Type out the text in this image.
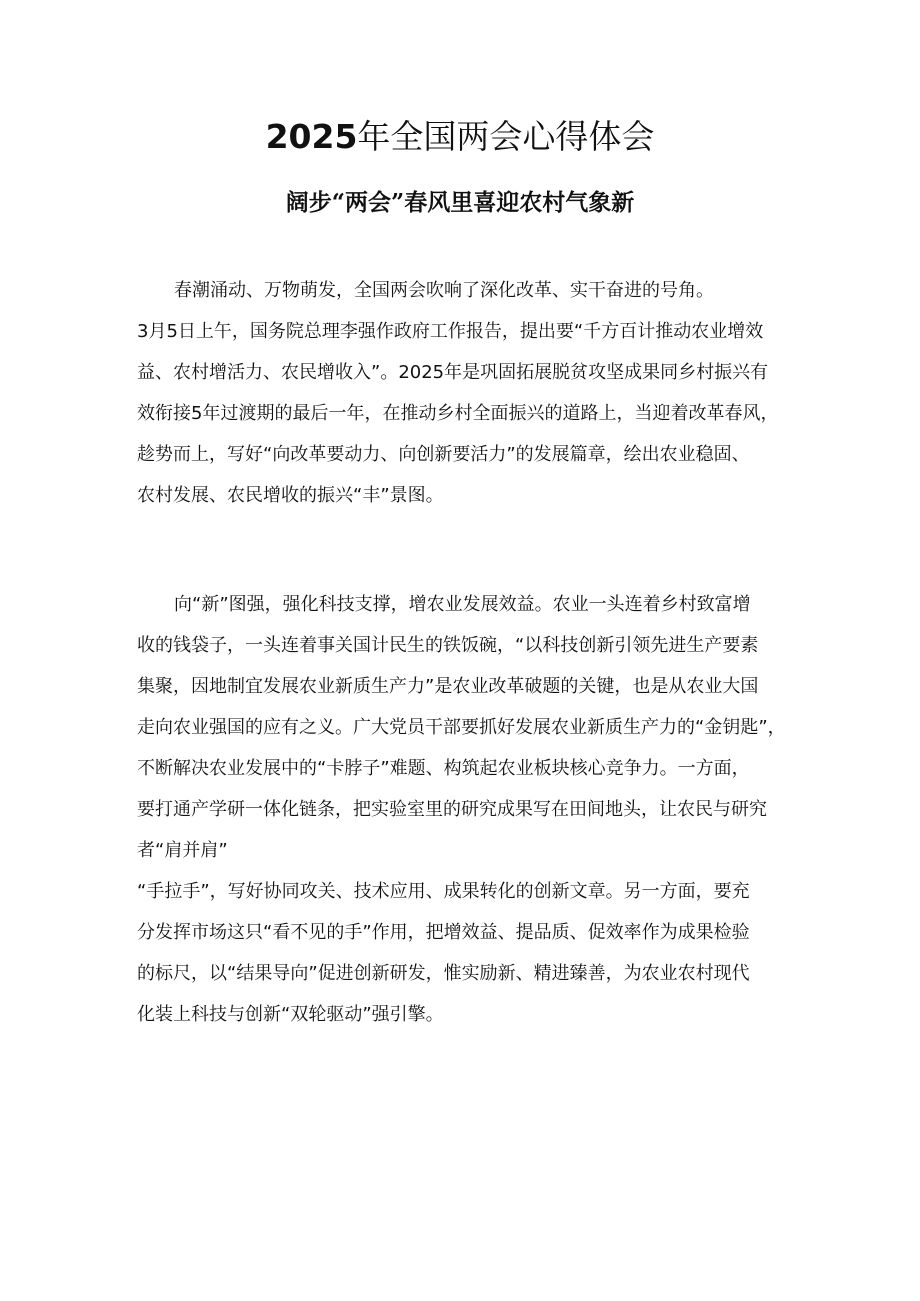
2025年全国两会心得体会
阔步“两会”春风里喜迎农村气象新
春潮涌动、万物萌发，全国两会吹响了深化改革、实干奋进的号角。
3月5日上午，国务院总理李强作政府工作报告，提出要“千方百计推动农业增效
益、农村增活力、农民增收入”。2025年是巩固拓展脱贫攻坚成果同乡村振兴有
效衔接5年过渡期的最后一年，在推动乡村全面振兴的道路上，当迎着改革春风，
趁势而上，写好“向改革要动力、向创新要活力”的发展篇章，绘出农业稳固、
农村发展、农民增收的振兴“丰”景图。
向“新”图强，强化科技支撑，增农业发展效益。农业一头连着乡村致富增
收的钱袋子，一头连着事关国计民生的铁饭碗，“以科技创新引领先进生产要素
集聚，因地制宜发展农业新质生产力”是农业改革破题的关键，也是从农业大国
走向农业强国的应有之义。广大党员干部要抓好发展农业新质生产力的“金钥匙”，
不断解决农业发展中的“卡脖子”难题、构筑起农业板块核心竞争力。一方面，
要打通产学研一体化链条，把实验室里的研究成果写在田间地头，让农民与研究
者“肩并肩”
“手拉手”，写好协同攻关、技术应用、成果转化的创新文章。另一方面，要充
分发挥市场这只“看不见的手”作用，把增效益、提品质、促效率作为成果检验
的标尺，以“结果导向”促进创新研发，惟实励新、精进臻善，为农业农村现代
化装上科技与创新“双轮驱动”强引擎。
